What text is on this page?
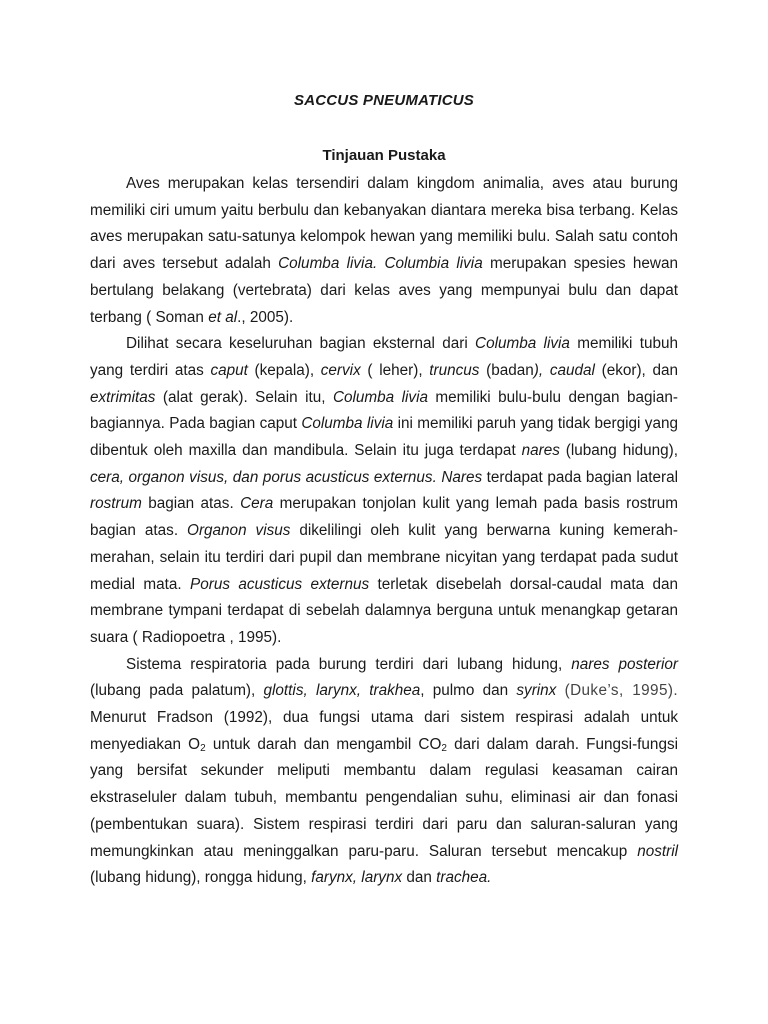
SACCUS PNEUMATICUS
Tinjauan Pustaka

Aves merupakan kelas tersendiri dalam kingdom animalia, aves atau burung memiliki ciri umum yaitu berbulu dan kebanyakan diantara mereka bisa terbang. Kelas aves merupakan satu-satunya kelompok hewan yang memiliki bulu. Salah satu contoh dari aves tersebut adalah Columba livia. Columbia livia merupakan spesies hewan bertulang belakang (vertebrata) dari kelas aves yang mempunyai bulu dan dapat terbang ( Soman et al., 2005).

Dilihat secara keseluruhan bagian eksternal dari Columba livia memiliki tubuh yang terdiri atas caput (kepala), cervix ( leher), truncus (badan), caudal (ekor), dan extrimitas (alat gerak). Selain itu, Columba livia memiliki bulu-bulu dengan bagian-bagiannya. Pada bagian caput Columba livia ini memiliki paruh yang tidak bergigi yang dibentuk oleh maxilla dan mandibula. Selain itu juga terdapat nares (lubang hidung), cera, organon visus, dan porus acusticus externus. Nares terdapat pada bagian lateral rostrum bagian atas. Cera merupakan tonjolan kulit yang lemah pada basis rostrum bagian atas. Organon visus dikelilingi oleh kulit yang berwarna kuning kemerah-merahan, selain itu terdiri dari pupil dan membrane nicyitan yang terdapat pada sudut medial mata. Porus acusticus externus terletak disebelah dorsal-caudal mata dan membrane tympani terdapat di sebelah dalamnya berguna untuk menangkap getaran suara ( Radiopoetra , 1995).

Sistema respiratoria pada burung terdiri dari lubang hidung, nares posterior (lubang pada palatum), glottis, larynx, trakhea, pulmo dan syrinx (Duke’s, 1995). Menurut Fradson (1992), dua fungsi utama dari sistem respirasi adalah untuk menyediakan $O_2$ untuk darah dan mengambil $CO_2$ dari dalam darah. Fungsi-fungsi yang bersifat sekunder meliputi membantu dalam regulasi keasaman cairan ekstraseluler dalam tubuh, membantu pengendalian suhu, eliminasi air dan fonasi (pembentukan suara). Sistem respirasi terdiri dari paru dan saluran-saluran yang memungkinkan atau meninggalkan paru-paru. Saluran tersebut mencakup nostril (lubang hidung), rongga hidung, farynx, larynx dan trachea.
